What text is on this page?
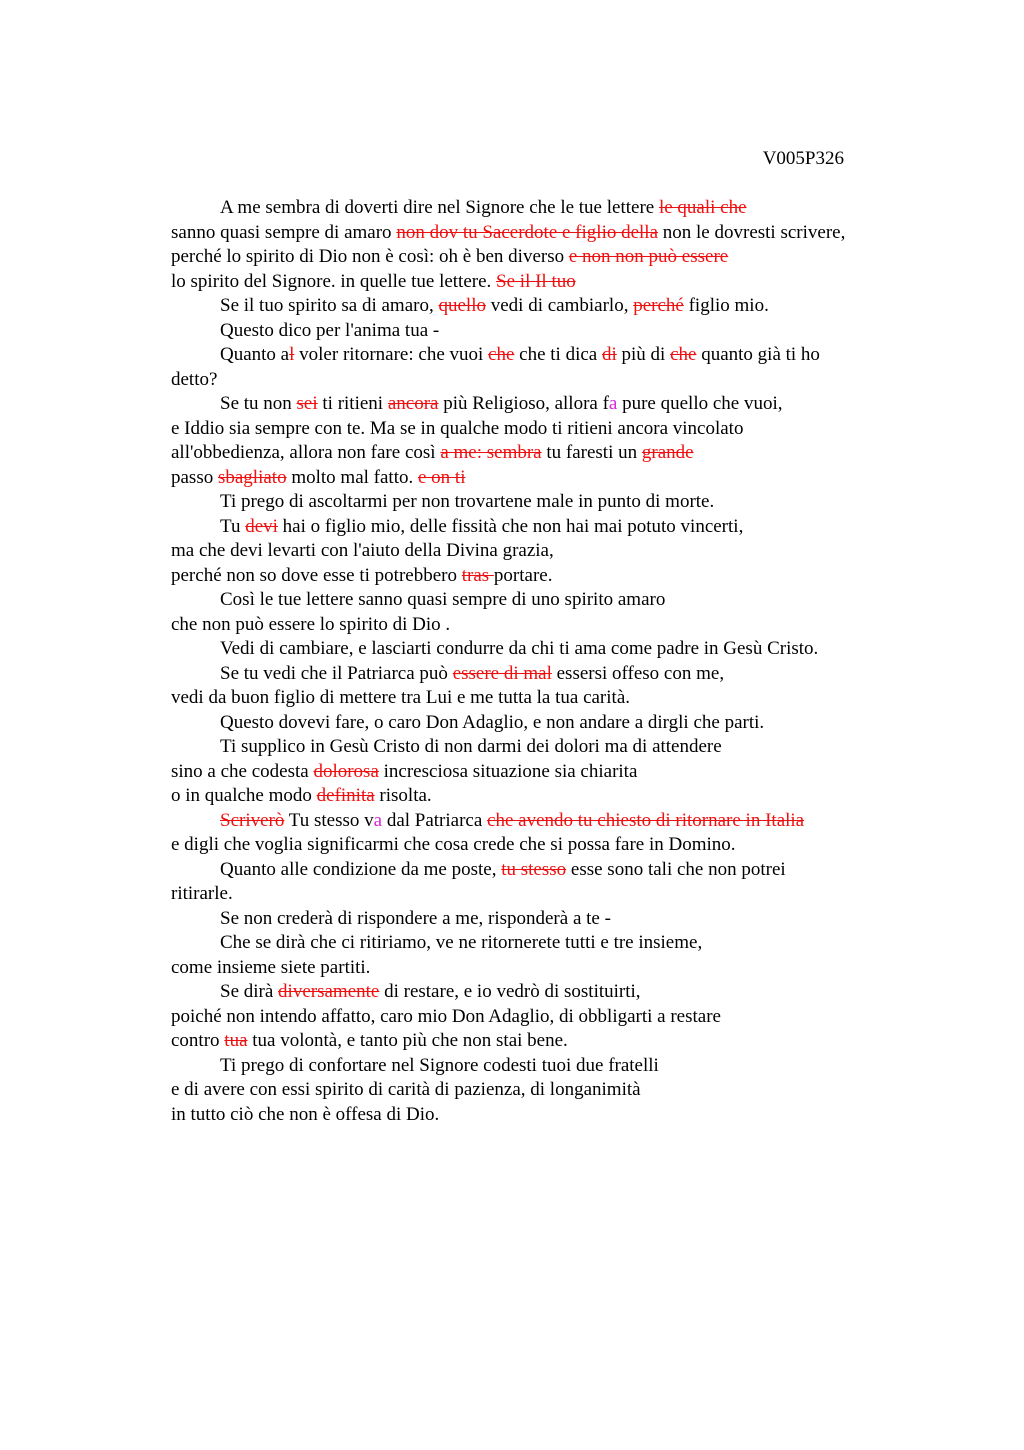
V005P326
A me sembra di doverti dire nel Signore che le tue lettere le quali che
sanno quasi sempre di amaro non dov tu Sacerdote e figlio della non le dovresti scrivere,
perché lo spirito di Dio non è così: oh è ben diverso e non non può essere
lo spirito del Signore. in quelle tue lettere. Se il Il tuo
Se il tuo spirito sa di amaro, quello vedi di cambiarlo, perché figlio mio.
Questo dico per l'anima tua -
Quanto al voler ritornare: che vuoi che che ti dica di più di che quanto già ti ho
detto?
Se tu non sei ti ritieni ancora più Religioso, allora fa pure quello che vuoi,
e Iddio sia sempre con te. Ma se in qualche modo ti ritieni ancora vincolato
all'obbedienza, allora non fare così a me: sembra tu faresti un grande
passo sbagliato molto mal fatto. e on ti
Ti prego di ascoltarmi per non trovartene male in punto di morte.
Tu devi hai o figlio mio, delle fissità che non hai mai potuto vincerti,
ma che devi levarti con l'aiuto della Divina grazia,
perché non so dove esse ti potrebbero tras portare.
Così le tue lettere sanno quasi sempre di uno spirito amaro
che non può essere lo spirito di Dio .
Vedi di cambiare, e lasciarti condurre da chi ti ama come padre in Gesù Cristo.
Se tu vedi che il Patriarca può essere di mal essersi offeso con me,
vedi da buon figlio di mettere tra Lui e me tutta la tua carità.
Questo dovevi fare, o caro Don Adaglio, e non andare a dirgli che parti.
Ti supplico in Gesù Cristo di non darmi dei dolori ma di attendere
sino a che codesta dolorosa incresciosa situazione sia chiarita
o in qualche modo definita risolta.
Scriverò Tu stesso va dal Patriarca che avendo tu chiesto di ritornare in Italia
e digli che voglia significarmi che cosa crede che si possa fare in Domino.
Quanto alle condizione da me poste, tu stesso esse sono tali che non potrei
ritirarle.
Se non crederà di rispondere a me, risponderà a te -
Che se dirà che ci ritiriamo, ve ne ritornerete tutti e tre insieme,
come insieme siete partiti.
Se dirà diversamente di restare, e io vedrò di sostituirti,
poiché non intendo affatto, caro mio Don Adaglio, di obbligarti a restare
contro tua tua volontà, e tanto più che non stai bene.
Ti prego di confortare nel Signore codesti tuoi due fratelli
e di avere con essi spirito di carità di pazienza, di longanimità
in tutto ciò che non è offesa di Dio.
